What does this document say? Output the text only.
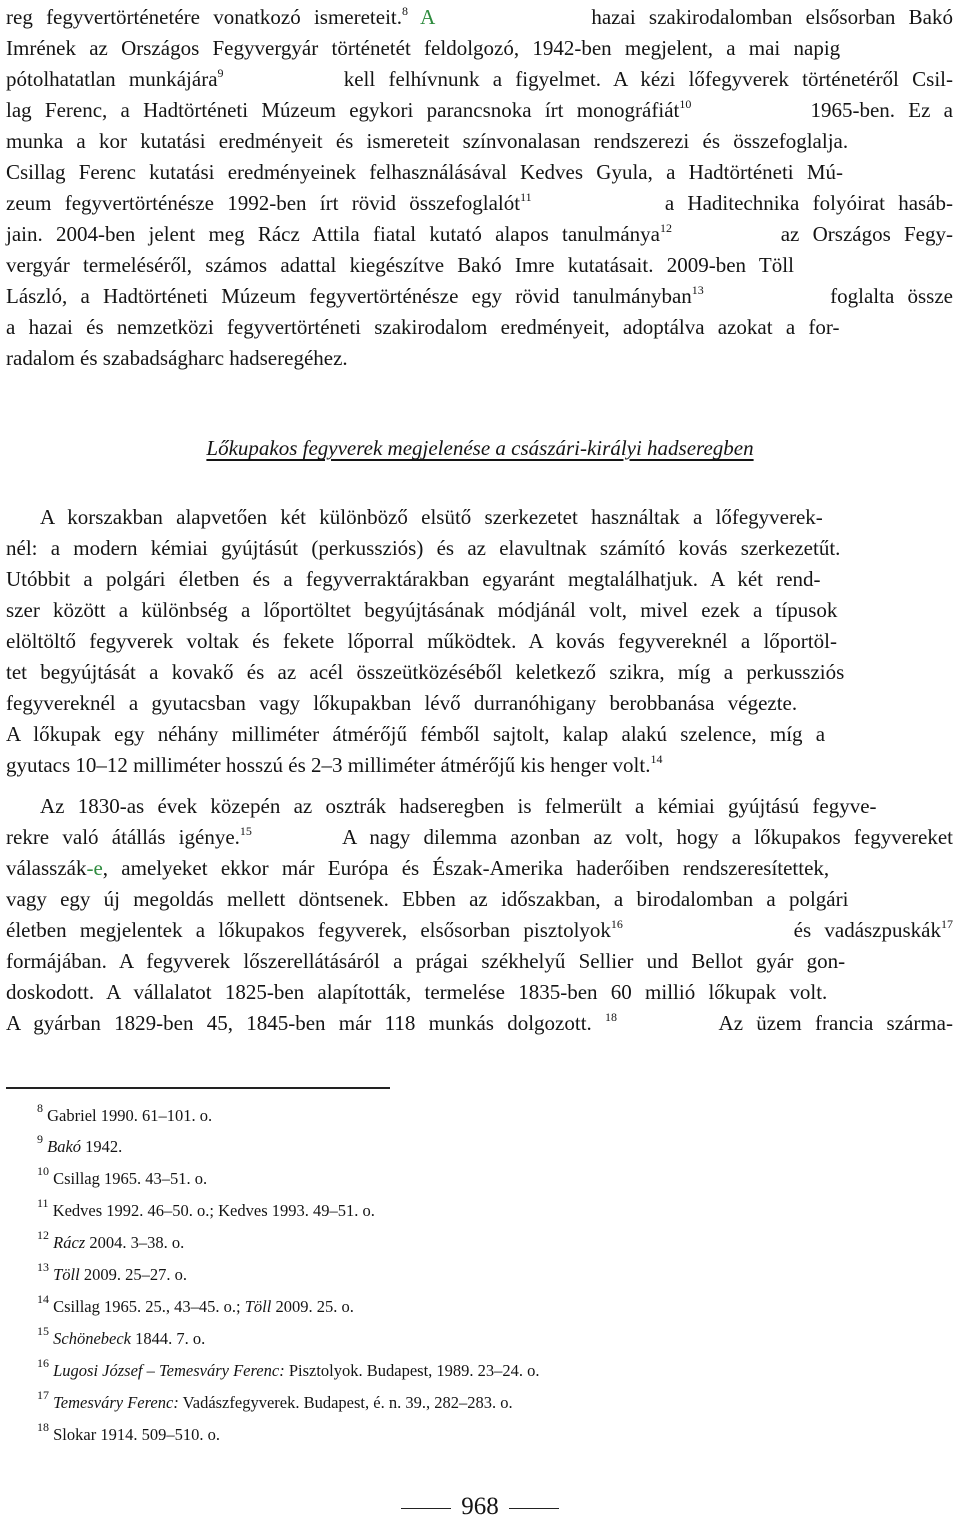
reg fegyvertörténetére vonatkozó ismereteit.$^8$ A	hazai szakirodalomban elsősorban Bakó
Imrének az Országos Fegyvergyár történetét feldolgozó, 1942-ben megjelent, a mai napig
pótolhatatlan munkájára$^9$	kell felhívnunk a figyelmet. A kézi lőfegyverek történetéről Csil-
lag Ferenc, a Hadtörténeti Múzeum egykori parancsnoka írt monográfiát$^{10}$	1965-ben. Ez a
munka a kor kutatási eredményeit és ismereteit színvonalasan rendszerezi és összefoglalja.
Csillag Ferenc kutatási eredményeinek felhasználásával Kedves Gyula, a Hadtörténeti Mú-
zeum fegyvertörténésze 1992-ben írt rövid összefoglalót$^{11}$	a Haditechnika folyóirat hasáb-
jain. 2004-ben jelent meg Rácz Attila fiatal kutató alapos tanulmánya$^{12}$	az Országos Fegy-
vergyár termeléséről, számos adattal kiegészítve Bakó Imre kutatásait. 2009-ben Töll
László, a Hadtörténeti Múzeum fegyvertörténésze egy rövid tanulmányban$^{13}$	foglalta össze
a hazai és nemzetközi fegyvertörténeti szakirodalom eredményeit, adoptálva azokat a for-
radalom és szabadságharc hadseregéhez.
Lőkupakos fegyverek megjelenése a császári-királyi hadseregben
A korszakban alapvetően két különböző elsütő szerkezetet használtak a lőfegyverek-
nél: a modern kémiai gyújtásút (perkussziós) és az elavultnak számító kovás szerkezetűt.
Utóbbit a polgári életben és a fegyverraktárakban egyaránt megtalálhatjuk. A két rend-
szer között a különbség a lőportöltet begyújtásának módjánál volt, mivel ezek a típusok
elöltöltő fegyverek voltak és fekete lőporral működtek. A kovás fegyvereknél a lőportöl-
tet begyújtását a kovakő és az acél összeütközéséből keletkező szikra, míg a perkussziós
fegyvereknél a gyutacsban vagy lőkupakban lévő durranóhigany berobbanása végezte.
A lőkupak egy néhány milliméter átmérőjű fémből sajtolt, kalap alakú szelence, míg a
gyutacs 10–12 milliméter hosszú és 2–3 milliméter átmérőjű kis henger volt.$^{14}$
Az 1830-as évek közepén az osztrák hadseregben is felmerült a kémiai gyújtású fegyve-
rekre való átállás igénye.$^{15}$	A nagy dilemma azonban az volt, hogy a lőkupakos fegyvereket
válasszák-e, amelyeket ekkor már Európa és Észak-Amerika haderőiben rendszeresítettek,
vagy egy új megoldás mellett döntsenek. Ebben az időszakban, a birodalomban a polgári
életben megjelentek a lőkupakos fegyverek, elsősorban pisztolyok$^{16}$	és vadászpuskák$^{17}$
formájában. A fegyverek lőszerellátásáról a prágai székhelyű Sellier und Bellot gyár gon-
doskodott. A vállalatot 1825-ben alapították, termelése 1835-ben 60 millió lőkupak volt.
A gyárban 1829-ben 45, 1845-ben már 118 munkás dolgozott. $^{18}$	Az üzem francia szárma-
$^8$ Gabriel 1990. 61–101. o.
$^9$ Bakó 1942.
$^{10}$ Csillag 1965. 43–51. o.
$^{11}$ Kedves 1992. 46–50. o.; Kedves 1993. 49–51. o.
$^{12}$ Rácz 2004. 3–38. o.
$^{13}$ Töll 2009. 25–27. o.
$^{14}$ Csillag 1965. 25., 43–45. o.; Töll 2009. 25. o.
$^{15}$ Schönebeck 1844. 7. o.
$^{16}$ Lugosi József – Temesváry Ferenc: Pisztolyok. Budapest, 1989. 23–24. o.
$^{17}$ Temesváry Ferenc: Vadászfegyverek. Budapest, é. n. 39., 282–283. o.
$^{18}$ Slokar 1914. 509–510. o.
968
